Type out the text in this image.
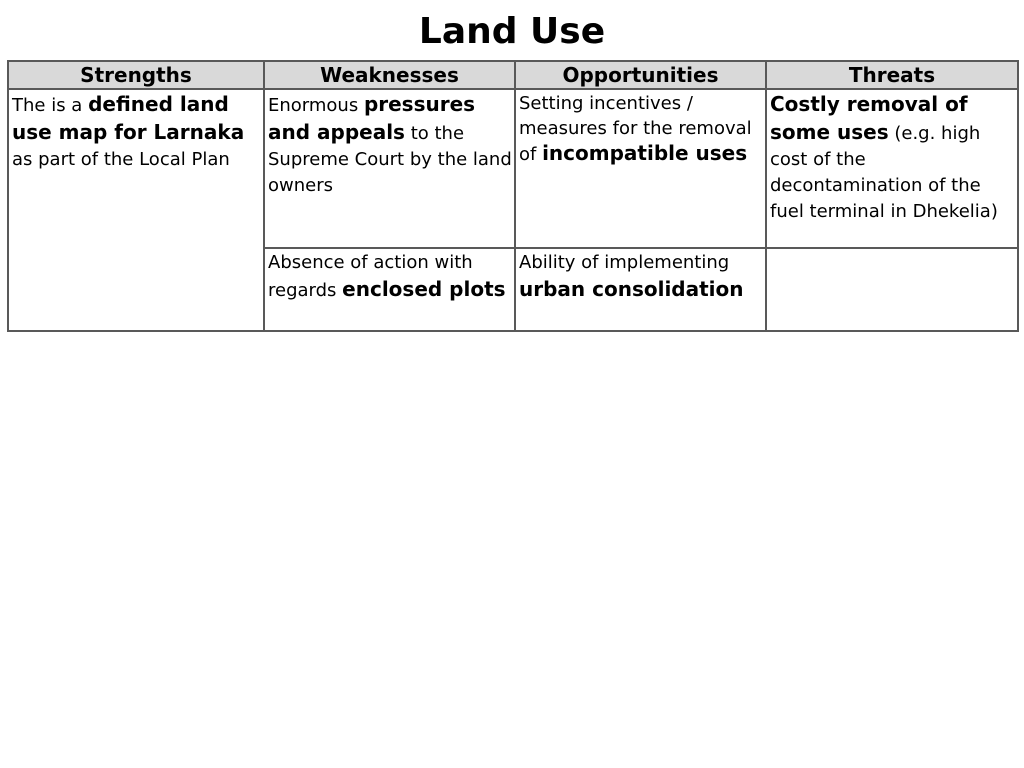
Land Use
Strengths	Weaknesses	Opportunities	Threats
The is a defined land use map for Larnaka as part of the Local Plan	Enormous pressures and appeals to the Supreme Court by the land owners	Setting incentives / measures for the removal of incompatible uses	Costly removal of some uses (e.g. high cost of the decontamination of the fuel terminal in Dhekelia)
	Absence of action with regards enclosed plots	Ability of implementing urban consolidation	
